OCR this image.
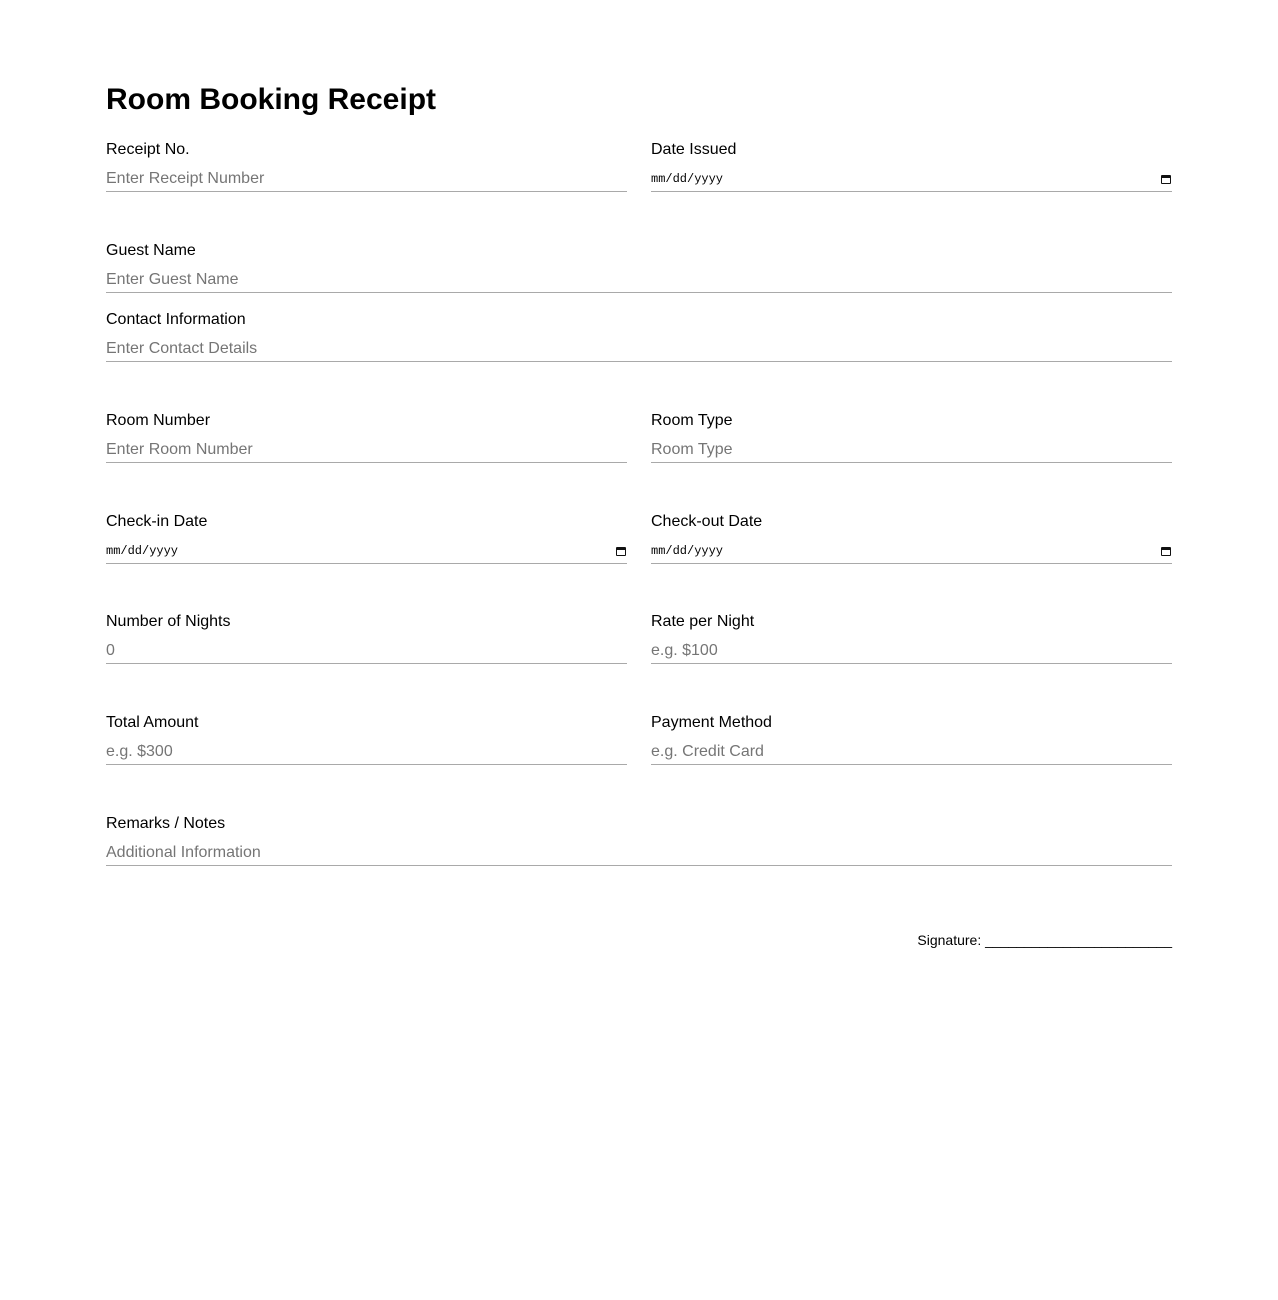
Room Booking Receipt
Receipt No.
Enter Receipt Number
Date Issued
mm/dd/yyyy
Guest Name
Enter Guest Name
Contact Information
Enter Contact Details
Room Number
Enter Room Number
Room Type
Room Type
Check-in Date
mm/dd/yyyy
Check-out Date
mm/dd/yyyy
Number of Nights
0
Rate per Night
e.g. $100
Total Amount
e.g. $300
Payment Method
e.g. Credit Card
Remarks / Notes
Additional Information
Signature: ________________________
